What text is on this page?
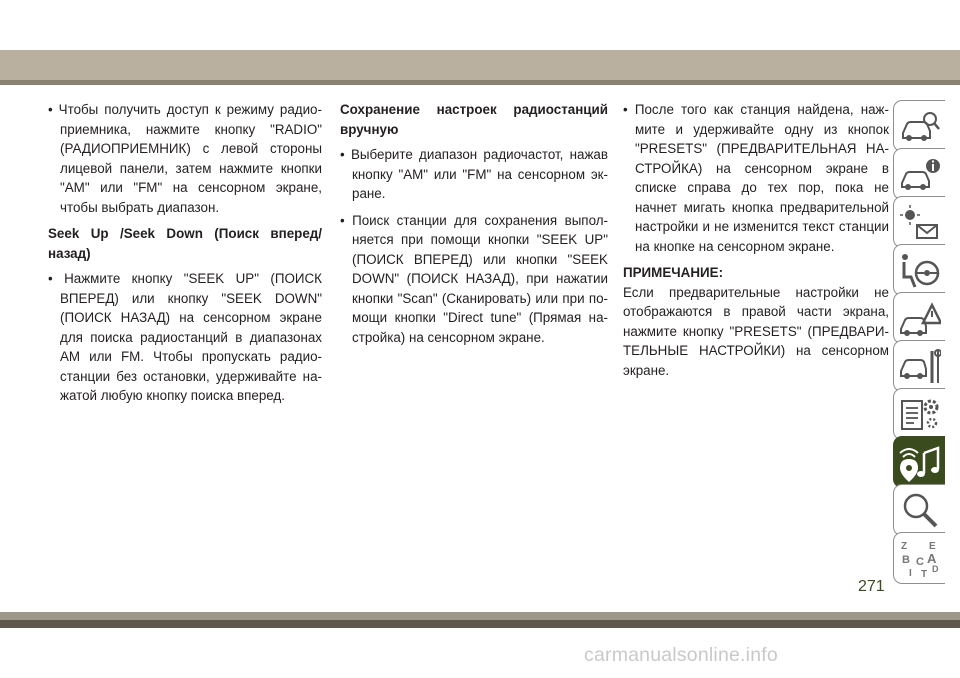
• Чтобы получить доступ к режиму радиоприемника, нажмите кнопку "RADIO" (РАДИОПРИЕМНИК) с левой стороны лицевой панели, затем нажмите кнопки "AM" или "FM" на сенсорном экране, чтобы выбрать диапазон.

Seek Up /Seek Down (Поиск вперед/назад)

• Нажмите кнопку "SEEK UP" (ПОИСК ВПЕРЕД) или кнопку "SEEK DOWN" (ПОИСК НАЗАД) на сенсорном экране для поиска радиостанций в диапазонах AM или FM. Чтобы пропускать радиостанции без остановки, удерживайте нажатой любую кнопку поиска вперед.

Сохранение настроек радиостанций вручную

• Выберите диапазон радиочастот, нажав кнопку "AM" или "FM" на сенсорном экране.

• Поиск станции для сохранения выполняется при помощи кнопки "SEEK UP" (ПОИСК ВПЕРЕД) или кнопки "SEEK DOWN" (ПОИСК НАЗАД), при нажатии кнопки "Scan" (Сканировать) или при помощи кнопки "Direct tune" (Прямая настройка) на сенсорном экране.

• После того как станция найдена, нажмите и удерживайте одну из кнопок "PRESETS" (ПРЕДВАРИТЕЛЬНАЯ НАСТРОЙКА) на сенсорном экране в списке справа до тех пор, пока не начнет мигать кнопка предварительной настройки и не изменится текст станции на кнопке на сенсорном экране.

ПРИМЕЧАНИЕ:

Если предварительные настройки не отображаются в правой части экрана, нажмите кнопку "PRESETS" (ПРЕДВАРИТЕЛЬНЫЕ НАСТРОЙКИ) на сенсорном экране.

Z E
B A
I
C
D
T
271
carmanualsonline.info
